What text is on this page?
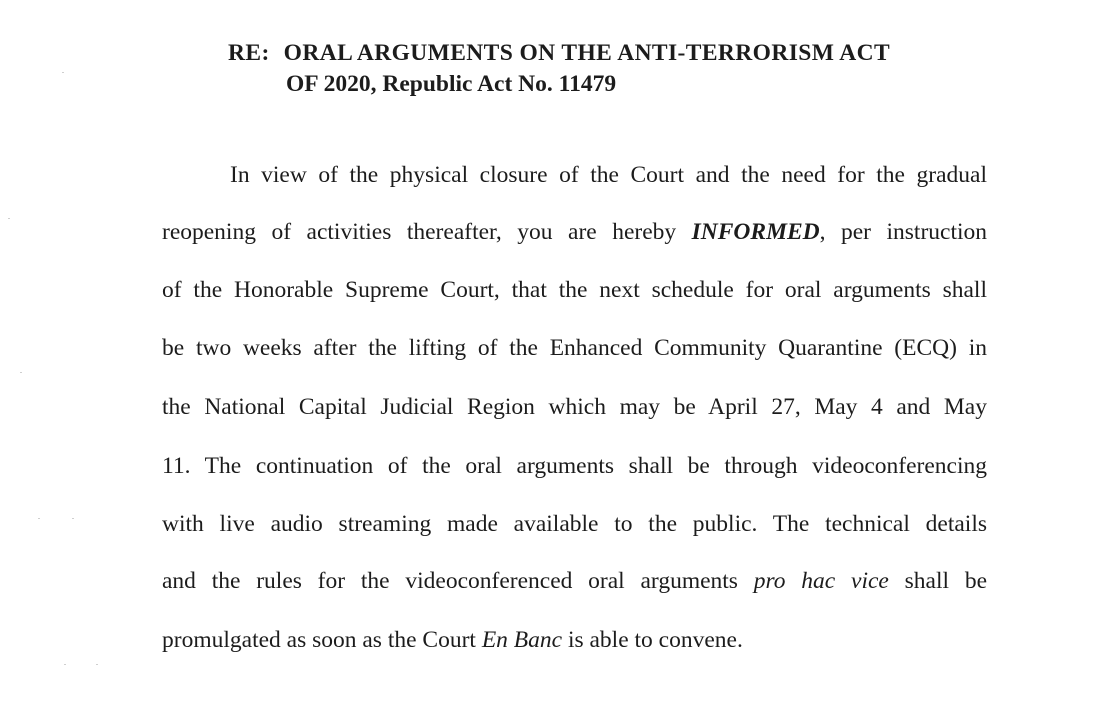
RE: ORAL ARGUMENTS ON THE ANTI-TERRORISM ACT
OF 2020, Republic Act No. 11479
In view of the physical closure of the Court and the need for the gradual
reopening of activities thereafter, you are hereby INFORMED, per instruction
of the Honorable Supreme Court, that the next schedule for oral arguments shall
be two weeks after the lifting of the Enhanced Community Quarantine (ECQ) in
the National Capital Judicial Region which may be April 27, May 4 and May
11. The continuation of the oral arguments shall be through videoconferencing
with live audio streaming made available to the public. The technical details
and the rules for the videoconferenced oral arguments pro hac vice shall be
promulgated as soon as the Court En Banc is able to convene.
